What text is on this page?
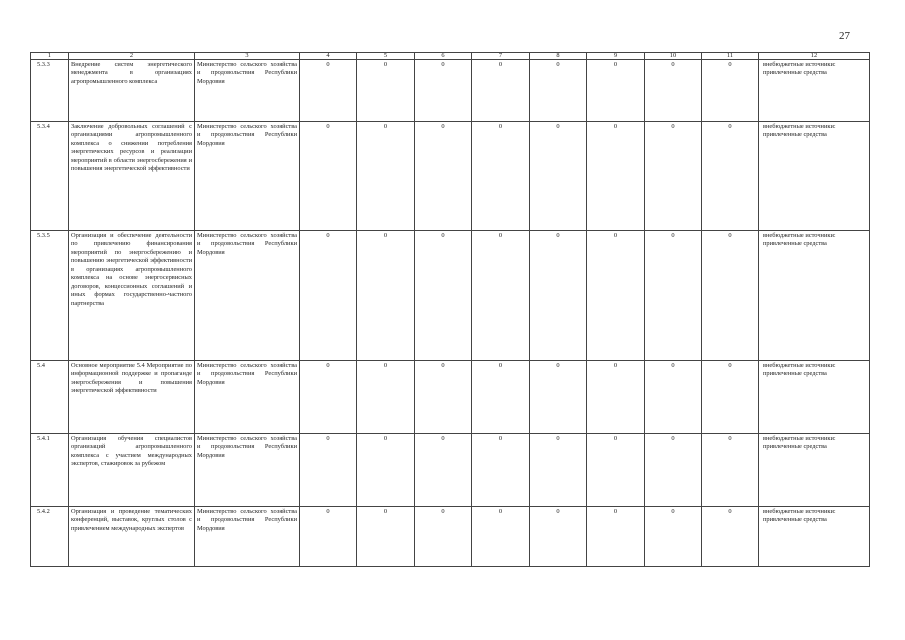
27
1	2	3	4	5	6	7	8	9	10	11	12
5.3.3	Внедрение систем энергетического менеджмента в организациях агропромышленного комплекса	Министерство сельского хозяйства и продовольствия Республики Мордовия	0	0	0	0	0	0	0	0	внебюджетные источники: привлеченные средства
5.3.4	Заключение добровольных соглашений с организациями агропромышленного комплекса о снижении потребления энергетических ресурсов и реализации мероприятий в области энергосбережения и повышения энергетической эффективности	Министерство сельского хозяйства и продовольствия Республики Мордовия	0	0	0	0	0	0	0	0	внебюджетные источники: привлеченные средства
5.3.5	Организация и обеспечение деятельности по привлечению финансирования мероприятий по энергосбережению и повышению энергетической эффективности в организациях агропромышленного комплекса на основе энергосервисных договоров, концессионных соглашений и иных формах государственно-частного партнерства	Министерство сельского хозяйства и продовольствия Республики Мордовия	0	0	0	0	0	0	0	0	внебюджетные источники: привлеченные средства
5.4	Основное мероприятие 5.4 Мероприятие по информационной поддержке и пропаганде энергосбережения и повышения энергетической эффективности	Министерство сельского хозяйства и продовольствия Республики Мордовия	0	0	0	0	0	0	0	0	внебюджетные источники: привлеченные средства
5.4.1	Организация обучения специалистов организаций агропромышленного комплекса с участием международных экспертов, стажировок за рубежом	Министерство сельского хозяйства и продовольствия Республики Мордовия	0	0	0	0	0	0	0	0	внебюджетные источники: привлеченные средства
5.4.2	Организация и проведение тематических конференций, выставок, круглых столов с привлечением международных экспертов	Министерство сельского хозяйства и продовольствия Республики Мордовия	0	0	0	0	0	0	0	0	внебюджетные источники: привлеченные средства
